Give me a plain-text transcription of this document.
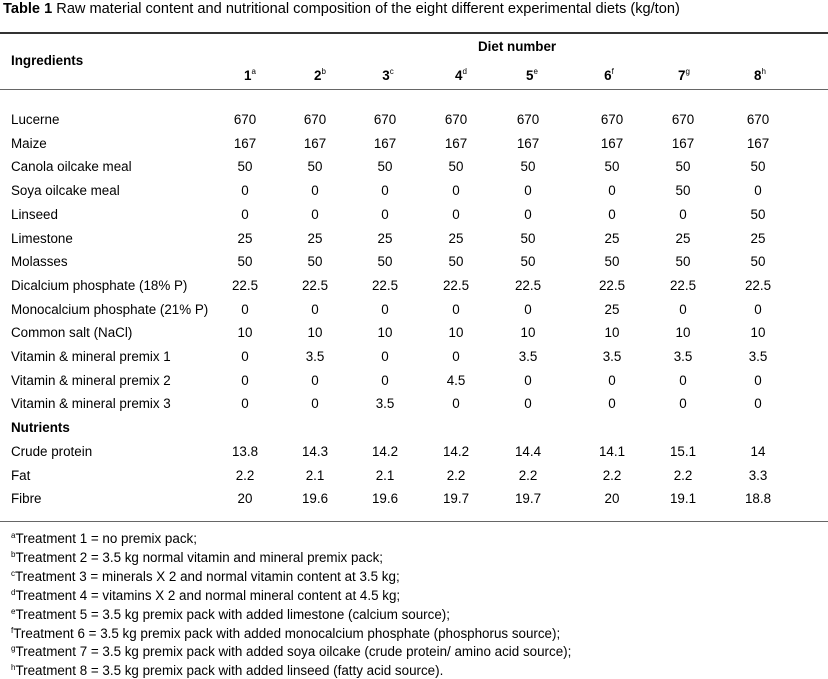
Table 1 Raw material content and nutritional composition of the eight different experimental diets (kg/ton)
Ingredients
Diet number
1$^a$	2$^b$	3$^c$	4$^d$	5e	6$^f$	7$^g$	8$^h$
Lucerne	670	670	670	670	670	670	670	670
Maize	167	167	167	167	167	167	167	167
Canola oilcake meal	50	50	50	50	50	50	50	50
Soya oilcake meal	0	0	0	0	0	0	50	0
Linseed	0	0	0	0	0	0	0	50
Limestone	25	25	25	25	50	25	25	25
Molasses	50	50	50	50	50	50	50	50
Dicalcium phosphate (18% P)	22.5	22.5	22.5	22.5	22.5	22.5	22.5	22.5
Monocalcium phosphate (21% P)	0	0	0	0	0	25	0	0
Common salt (NaCl)	10	10	10	10	10	10	10	10
Vitamin & mineral premix 1	0	3.5	0	0	3.5	3.5	3.5	3.5
Vitamin & mineral premix 2	0	0	0	4.5	0	0	0	0
Vitamin & mineral premix 3	0	0	3.5	0	0	0	0	0
Nutrients
Crude protein	13.8	14.3	14.2	14.2	14.4	14.1	15.1	14
Fat	2.2	2.1	2.1	2.2	2.2	2.2	2.2	3.3
Fibre	20	19.6	19.6	19.7	19.7	20	19.1	18.8
$^a$Treatment 1 = no premix pack;
$^b$Treatment 2 = 3.5 kg normal vitamin and mineral premix pack;
$^c$Treatment 3 = minerals X 2 and normal vitamin content at 3.5 kg;
$^d$Treatment 4 = vitamins X 2 and normal mineral content at 4.5 kg;
$^e$Treatment 5 = 3.5 kg premix pack with added limestone (calcium source);
$^f$Treatment 6 = 3.5 kg premix pack with added monocalcium phosphate (phosphorus source);
$^g$Treatment 7 = 3.5 kg premix pack with added soya oilcake (crude protein/ amino acid source);
$^h$Treatment 8 = 3.5 kg premix pack with added linseed (fatty acid source).
